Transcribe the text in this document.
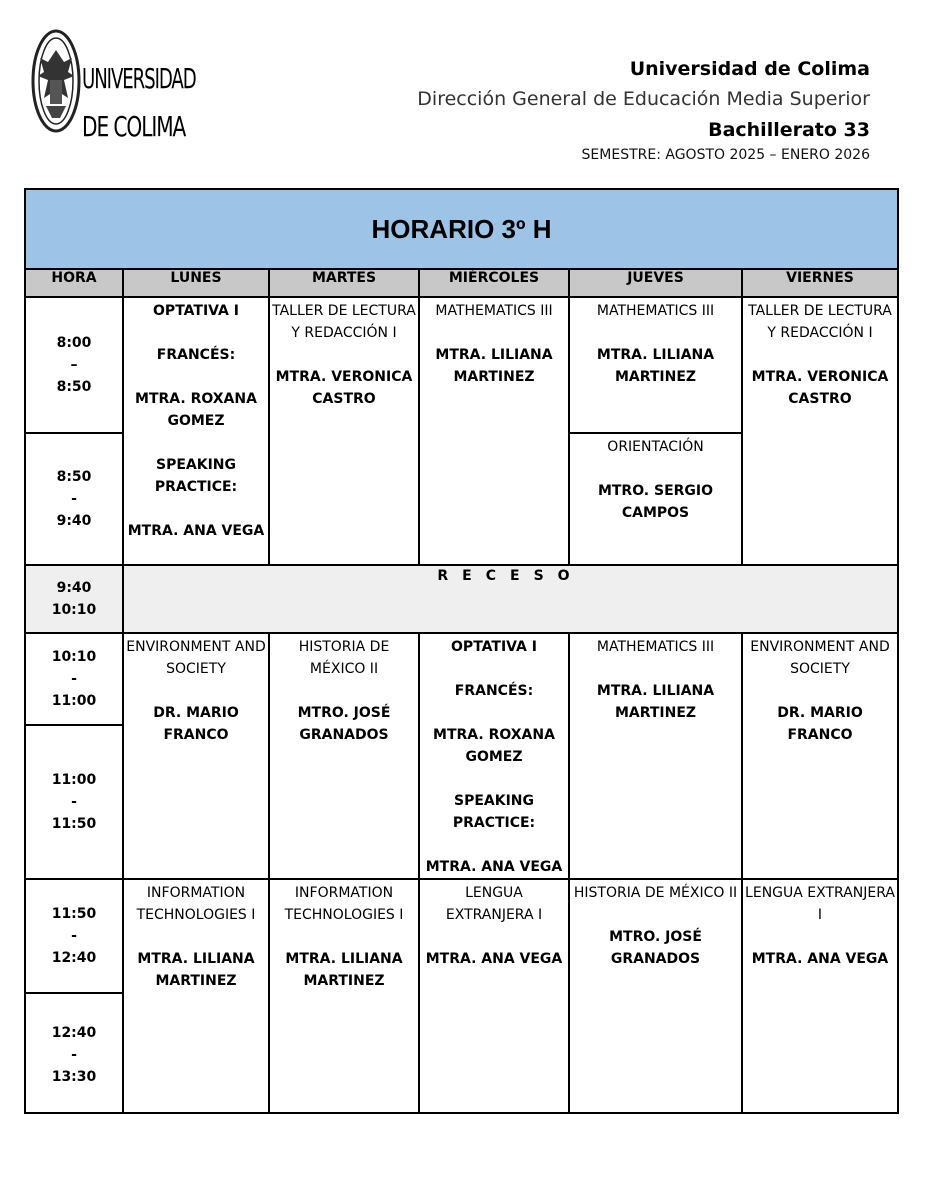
UNIVERSIDAD
DE COLIMA
Universidad de Colima
Dirección General de Educación Media Superior
Bachillerato 33
SEMESTRE: AGOSTO 2025 – ENERO 2026
HORARIO 3º H					
HORA	LUNES	MARTES	MIÉRCOLES	JUEVES	VIERNES

8:00
–
8:50	OPTATIVA I
FRANCÉS:
MTRA. ROXANA GOMEZ
SPEAKING PRACTICE:
MTRA. ANA VEGA	TALLER DE LECTURA Y REDACCIÓN I
MTRA. VERONICA CASTRO	MATHEMATICS III
MTRA. LILIANA MARTINEZ	MATHEMATICS III
MTRA. LILIANA MARTINEZ	TALLER DE LECTURA Y REDACCIÓN I
MTRA. VERONICA CASTRO

8:50
-
9:40				ORIENTACIÓN
MTRO. SERGIO CAMPOS	

9:40
10:10	RECESO				

10:10
-
11:00	ENVIRONMENT AND SOCIETY
DR. MARIO FRANCO	HISTORIA DE MÉXICO II
MTRO. JOSÉ GRANADOS	OPTATIVA I
FRANCÉS:
MTRA. ROXANA GOMEZ
SPEAKING PRACTICE:
MTRA. ANA VEGA	MATHEMATICS III
MTRA. LILIANA MARTINEZ	ENVIRONMENT AND SOCIETY
DR. MARIO FRANCO

11:00
-
11:50					

11:50
-
12:40	INFORMATION TECHNOLOGIES I
MTRA. LILIANA MARTINEZ	INFORMATION TECHNOLOGIES I
MTRA. LILIANA MARTINEZ	LENGUA EXTRANJERA I
MTRA. ANA VEGA	HISTORIA DE MÉXICO II
MTRO. JOSÉ GRANADOS	LENGUA EXTRANJERA I
MTRA. ANA VEGA

12:40
-
13:30					
